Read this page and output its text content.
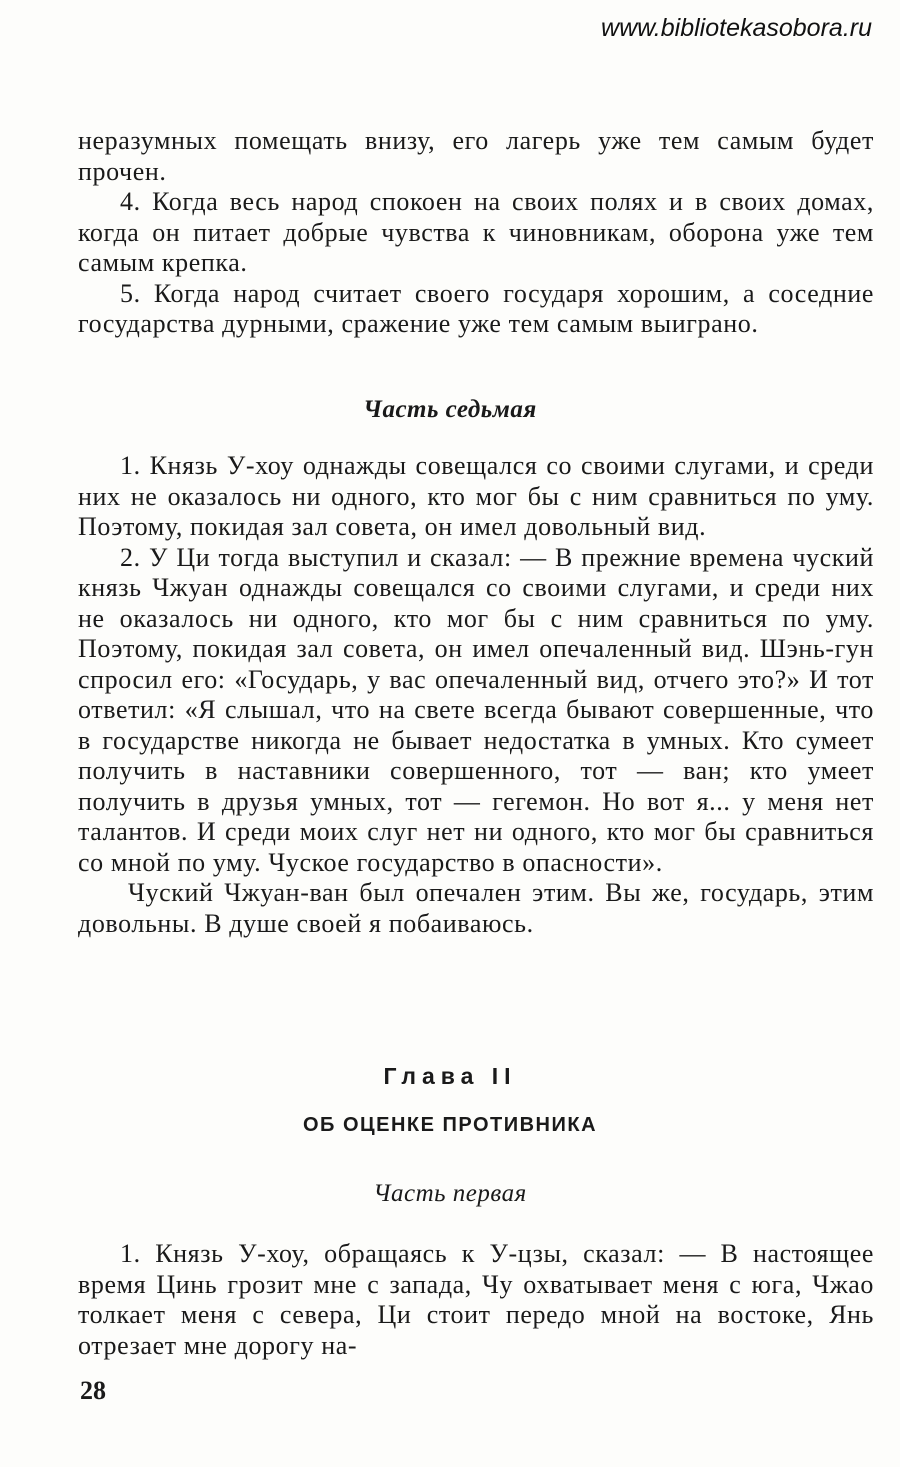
www.bibliotekasobora.ru

неразумных помещать внизу, его лагерь уже тем самым будет прочен.

4. Когда весь народ спокоен на своих полях и в своих домах, когда он питает добрые чувства к чиновникам, оборона уже тем самым крепка.

5. Когда народ считает своего государя хорошим, а соседние государства дурными, сражение уже тем самым выиграно.

Часть седьмая

1. Князь У-хоу однажды совещался со своими слугами, и среди них не оказалось ни одного, кто мог бы с ним сравниться по уму. Поэтому, покидая зал совета, он имел довольный вид.

2. У Ци тогда выступил и сказал: — В прежние времена чуский князь Чжуан однажды совещался со своими слугами, и среди них не оказалось ни одного, кто мог бы с ним сравниться по уму. Поэтому, покидая зал совета, он имел опечаленный вид. Шэнь-гун спросил его: «Государь, у вас опечаленный вид, отчего это?» И тот ответил: «Я слышал, что на свете всегда бывают совершенные, что в государстве никогда не бывает недостатка в умных. Кто сумеет получить в наставники совершенного, тот — ван; кто умеет получить в друзья умных, тот — гегемон. Но вот я... у меня нет талантов. И среди моих слуг нет ни одного, кто мог бы сравниться со мной по уму. Чуское государство в опасности».

Чуский Чжуан-ван был опечален этим. Вы же, государь, этим довольны. В душе своей я побаиваюсь.

Глава II
ОБ ОЦЕНКЕ ПРОТИВНИКА
Часть первая

1. Князь У-хоу, обращаясь к У-цзы, сказал: — В настоящее время Цинь грозит мне с запада, Чу охватывает меня с юга, Чжао толкает меня с севера, Ци стоит передо мной на востоке, Янь отрезает мне дорогу на-

28
